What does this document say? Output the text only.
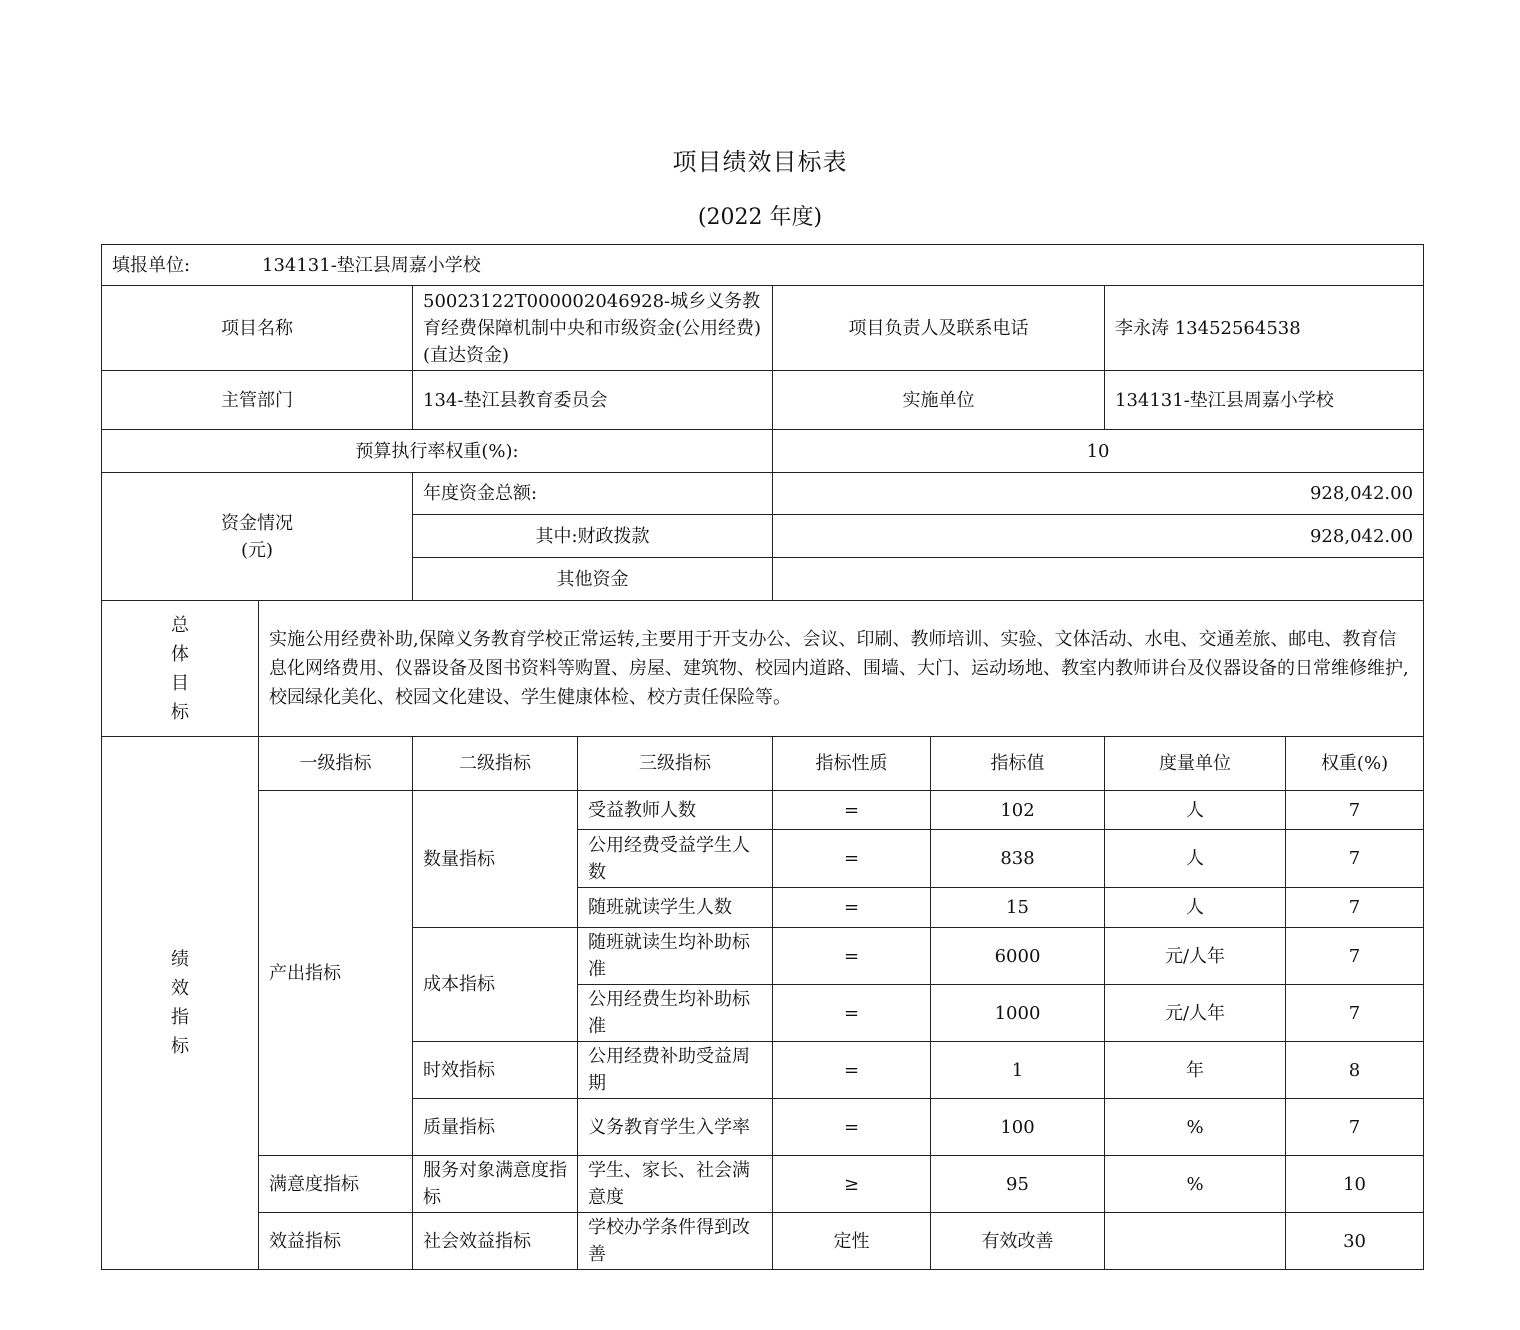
项目绩效目标表
(2022 年度)
填报单位: 134131-垫江县周嘉小学校							
项目名称		50023122T000002046928-城乡义务教育经费保障机制中央和市级资金(公用经费)(直达资金)		项目负责人及联系电话		李永涛 13452564538	
主管部门		134-垫江县教育委员会		实施单位		134131-垫江县周嘉小学校	
预算执行率权重(%):				10			

资金情况
(元)		年度资金总额:		928,042.00			
		其中:财政拨款		928,042.00			
		其他资金					

总
体
目
标	实施公用经费补助,保障义务教育学校正常运转,主要用于开支办公、会议、印刷、教师培训、实验、文体活动、水电、交通差旅、邮电、教育信息化网络费用、仪器设备及图书资料等购置、房屋、建筑物、校园内道路、围墙、大门、运动场地、教室内教师讲台及仪器设备的日常维修维护,校园绿化美化、校园文化建设、学生健康体检、校方责任保险等。						

绩
效
指
标	一级指标	二级指标	三级指标	指标性质	指标值	度量单位	权重(%)
	产出指标	数量指标	受益教师人数	=	102	人	7
			公用经费受益学生人数	=	838	人	7
			随班就读学生人数	=	15	人	7
		成本指标	随班就读生均补助标准	=	6000	元/人年	7
			公用经费生均补助标准	=	1000	元/人年	7
		时效指标	公用经费补助受益周期	=	1	年	8
		质量指标	义务教育学生入学率	=	100	%	7
	满意度指标	服务对象满意度指标	学生、家长、社会满意度	≥	95	%	10
	效益指标	社会效益指标	学校办学条件得到改善	定性	有效改善		30
